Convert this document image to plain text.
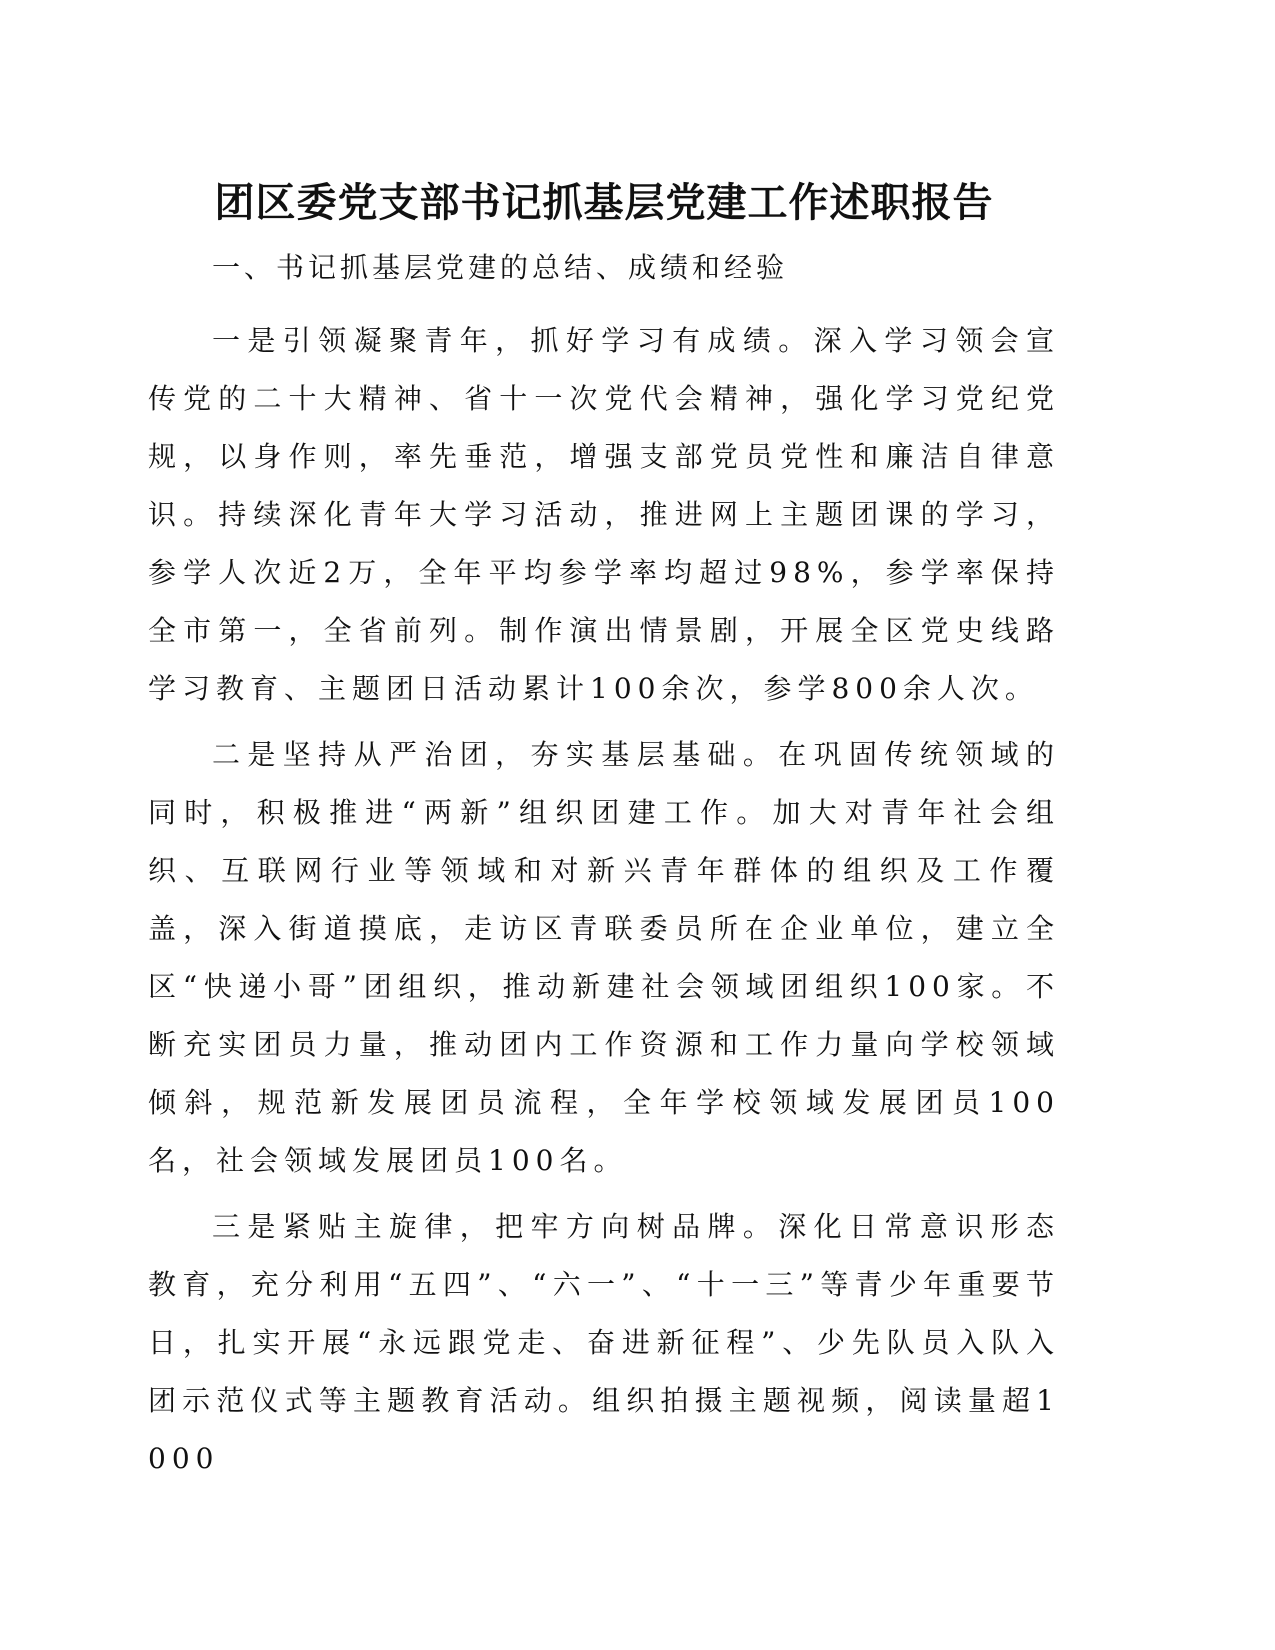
团区委党支部书记抓基层党建工作述职报告

一、书记抓基层党建的总结、成绩和经验

一是引领凝聚青年，抓好学习有成绩。深入学习领会宣传党的二十大精神、省十一次党代会精神，强化学习党纪党规，以身作则，率先垂范，增强支部党员党性和廉洁自律意识。持续深化青年大学习活动，推进网上主题团课的学习，参学人次近2万，全年平均参学率均超过98%，参学率保持全市第一，全省前列。制作演出情景剧，开展全区党史线路学习教育、主题团日活动累计100余次，参学800余人次。

二是坚持从严治团，夯实基层基础。在巩固传统领域的同时，积极推进“两新”组织团建工作。加大对青年社会组织、互联网行业等领域和对新兴青年群体的组织及工作覆盖，深入街道摸底，走访区青联委员所在企业单位，建立全区“快递小哥”团组织，推动新建社会领域团组织100家。不断充实团员力量，推动团内工作资源和工作力量向学校领域倾斜，规范新发展团员流程，全年学校领域发展团员100名，社会领域发展团员100名。

三是紧贴主旋律，把牢方向树品牌。深化日常意识形态教育，充分利用“五四”、“六一”、“十一三”等青少年重要节日，扎实开展“永远跟党走、奋进新征程”、少先队员入队入团示范仪式等主题教育活动。组织拍摄主题视频，阅读量超1000
